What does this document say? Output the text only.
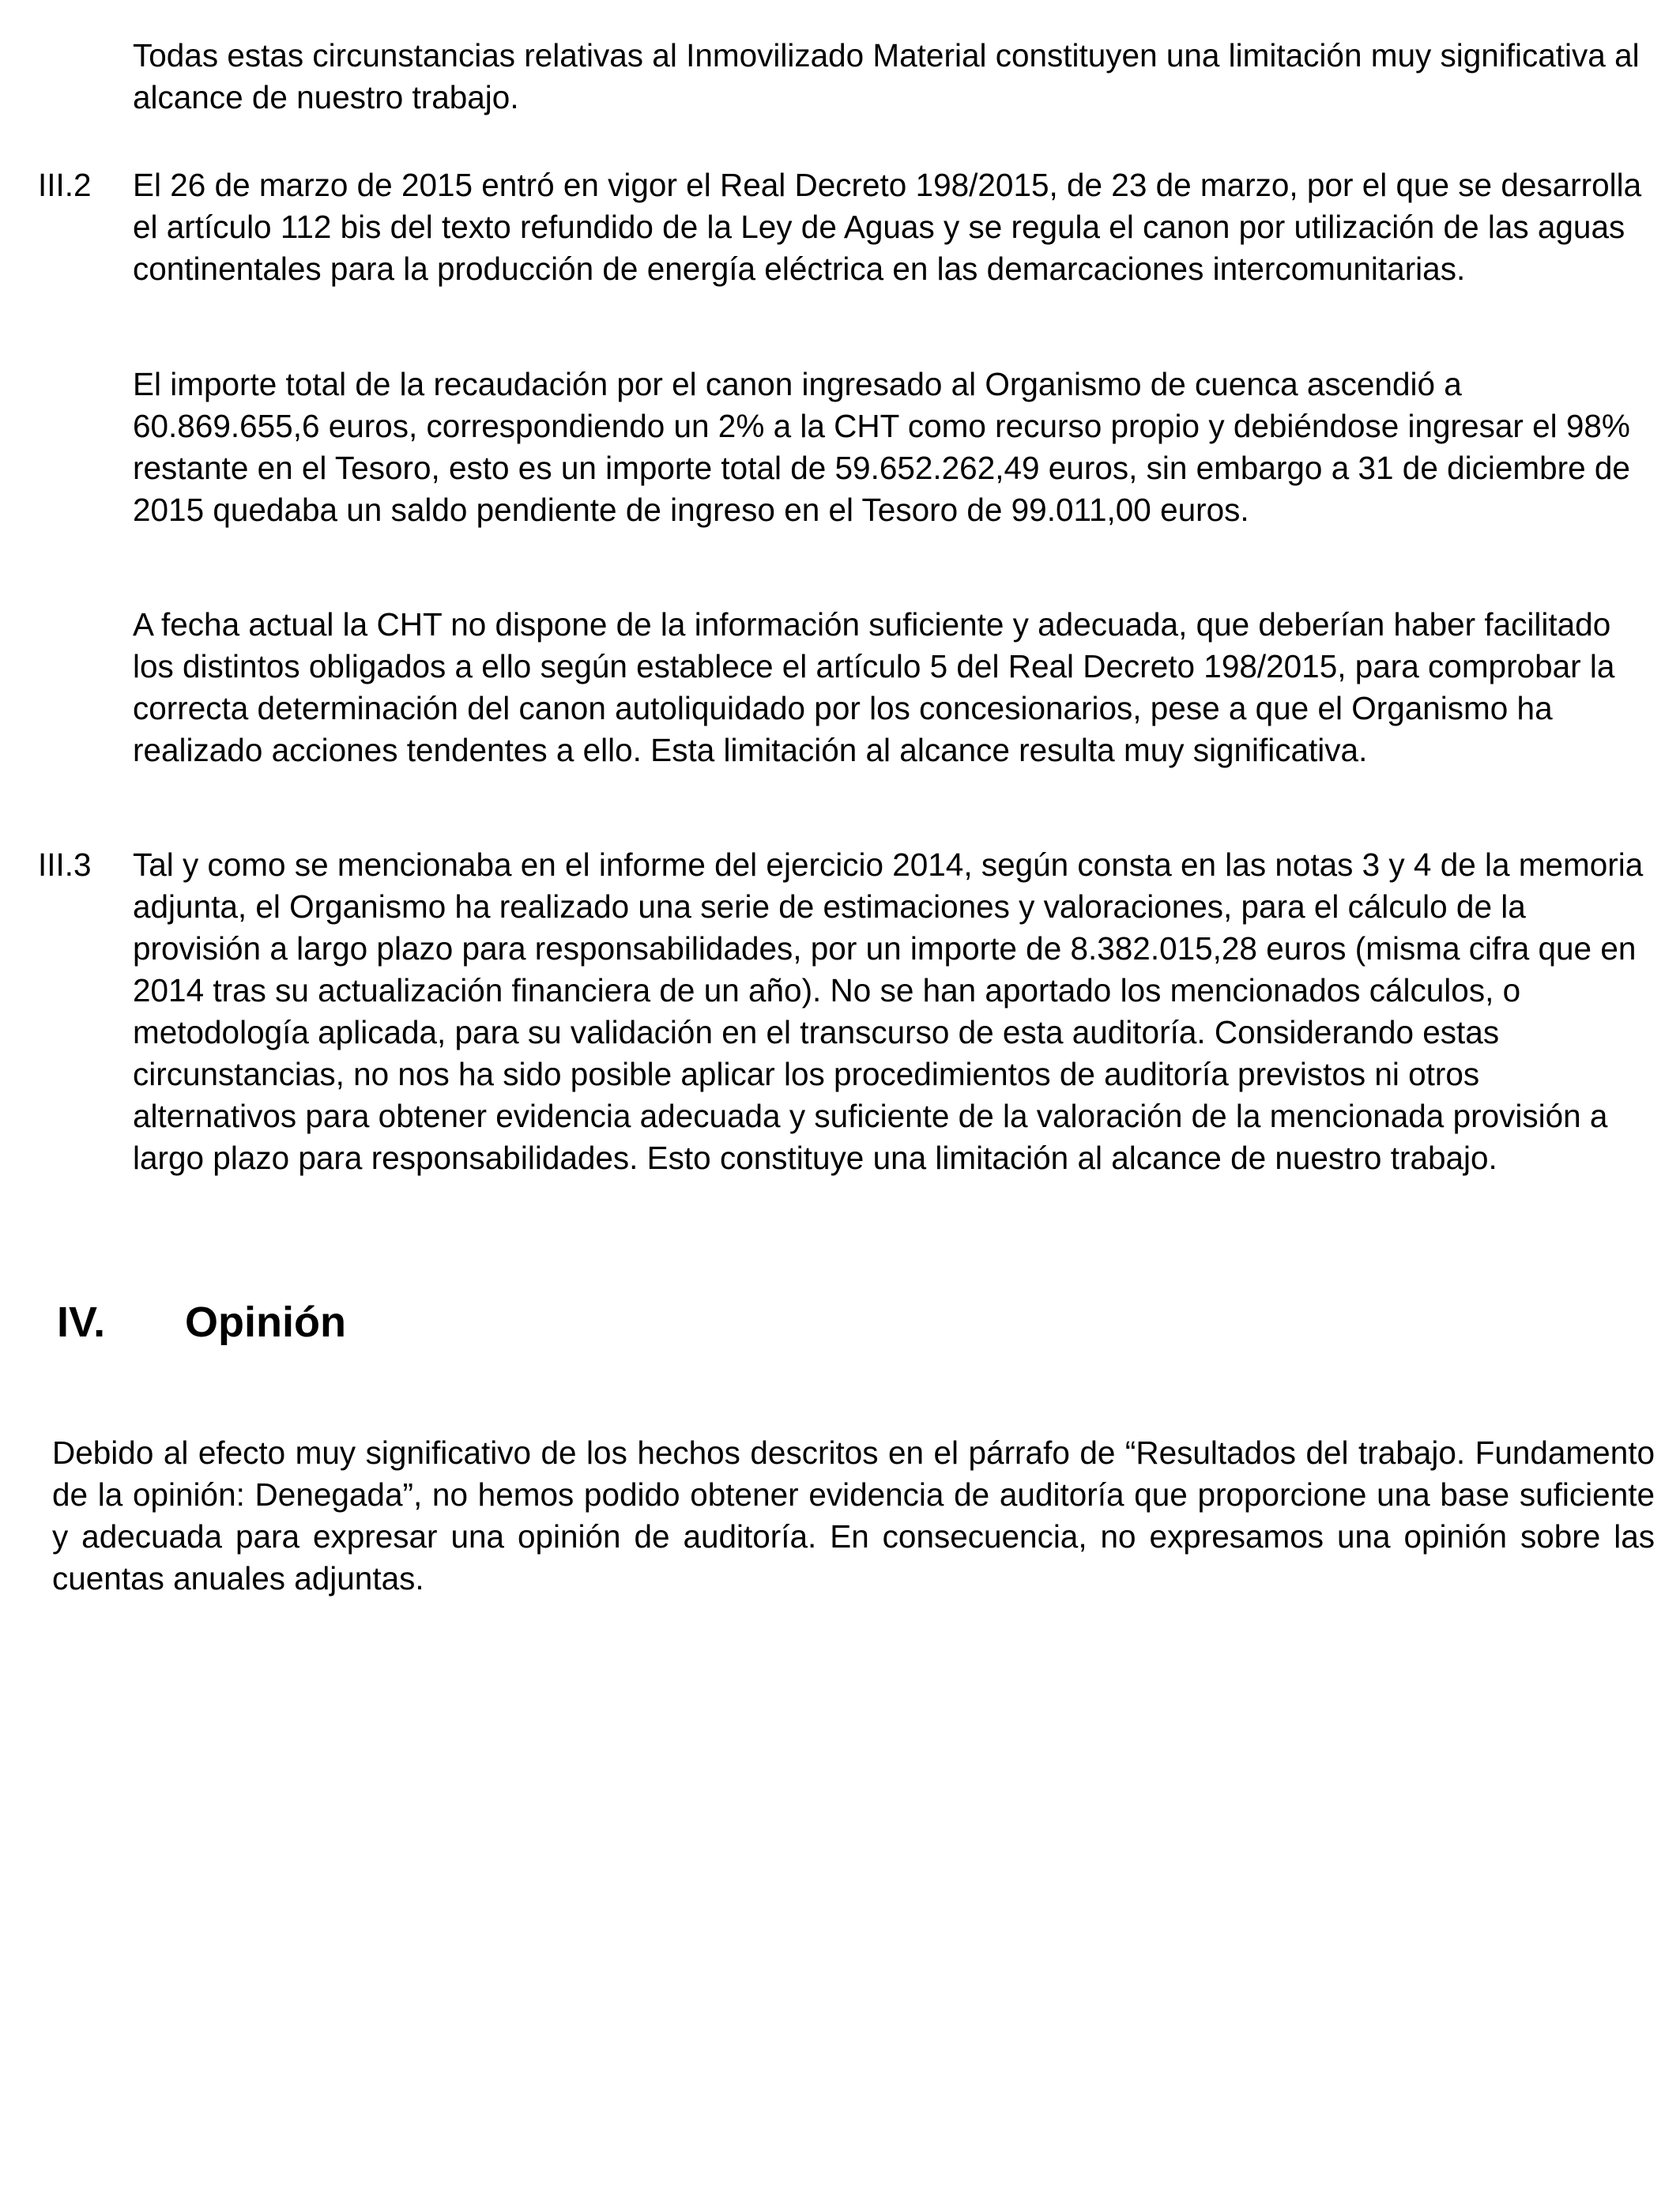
Todas estas circunstancias relativas al Inmovilizado Material constituyen una limitación muy significativa al alcance de nuestro trabajo.

III.2 El 26 de marzo de 2015 entró en vigor el Real Decreto 198/2015, de 23 de marzo, por el que se desarrolla el artículo 112 bis del texto refundido de la Ley de Aguas y se regula el canon por utilización de las aguas continentales para la producción de energía eléctrica en las demarcaciones intercomunitarias.

El importe total de la recaudación por el canon ingresado al Organismo de cuenca ascendió a 60.869.655,6 euros, correspondiendo un 2% a la CHT como recurso propio y debiéndose ingresar el 98% restante en el Tesoro, esto es un importe total de 59.652.262,49 euros, sin embargo a 31 de diciembre de 2015 quedaba un saldo pendiente de ingreso en el Tesoro de 99.011,00 euros.

A fecha actual la CHT no dispone de la información suficiente y adecuada, que deberían haber facilitado los distintos obligados a ello según establece el artículo 5 del Real Decreto 198/2015, para comprobar la correcta determinación del canon autoliquidado por los concesionarios, pese a que el Organismo ha realizado acciones tendentes a ello. Esta limitación al alcance resulta muy significativa.

III.3 Tal y como se mencionaba en el informe del ejercicio 2014, según consta en las notas 3 y 4 de la memoria adjunta, el Organismo ha realizado una serie de estimaciones y valoraciones, para el cálculo de la provisión a largo plazo para responsabilidades, por un importe de 8.382.015,28 euros (misma cifra que en 2014 tras su actualización financiera de un año). No se han aportado los mencionados cálculos, o metodología aplicada, para su validación en el transcurso de esta auditoría. Considerando estas circunstancias, no nos ha sido posible aplicar los procedimientos de auditoría previstos ni otros alternativos para obtener evidencia adecuada y suficiente de la valoración de la mencionada provisión a largo plazo para responsabilidades. Esto constituye una limitación al alcance de nuestro trabajo.

IV. Opinión

Debido al efecto muy significativo de los hechos descritos en el párrafo de “Resultados del trabajo. Fundamento de la opinión: Denegada”, no hemos podido obtener evidencia de auditoría que proporcione una base suficiente y adecuada para expresar una opinión de auditoría. En consecuencia, no expresamos una opinión sobre las cuentas anuales adjuntas.
